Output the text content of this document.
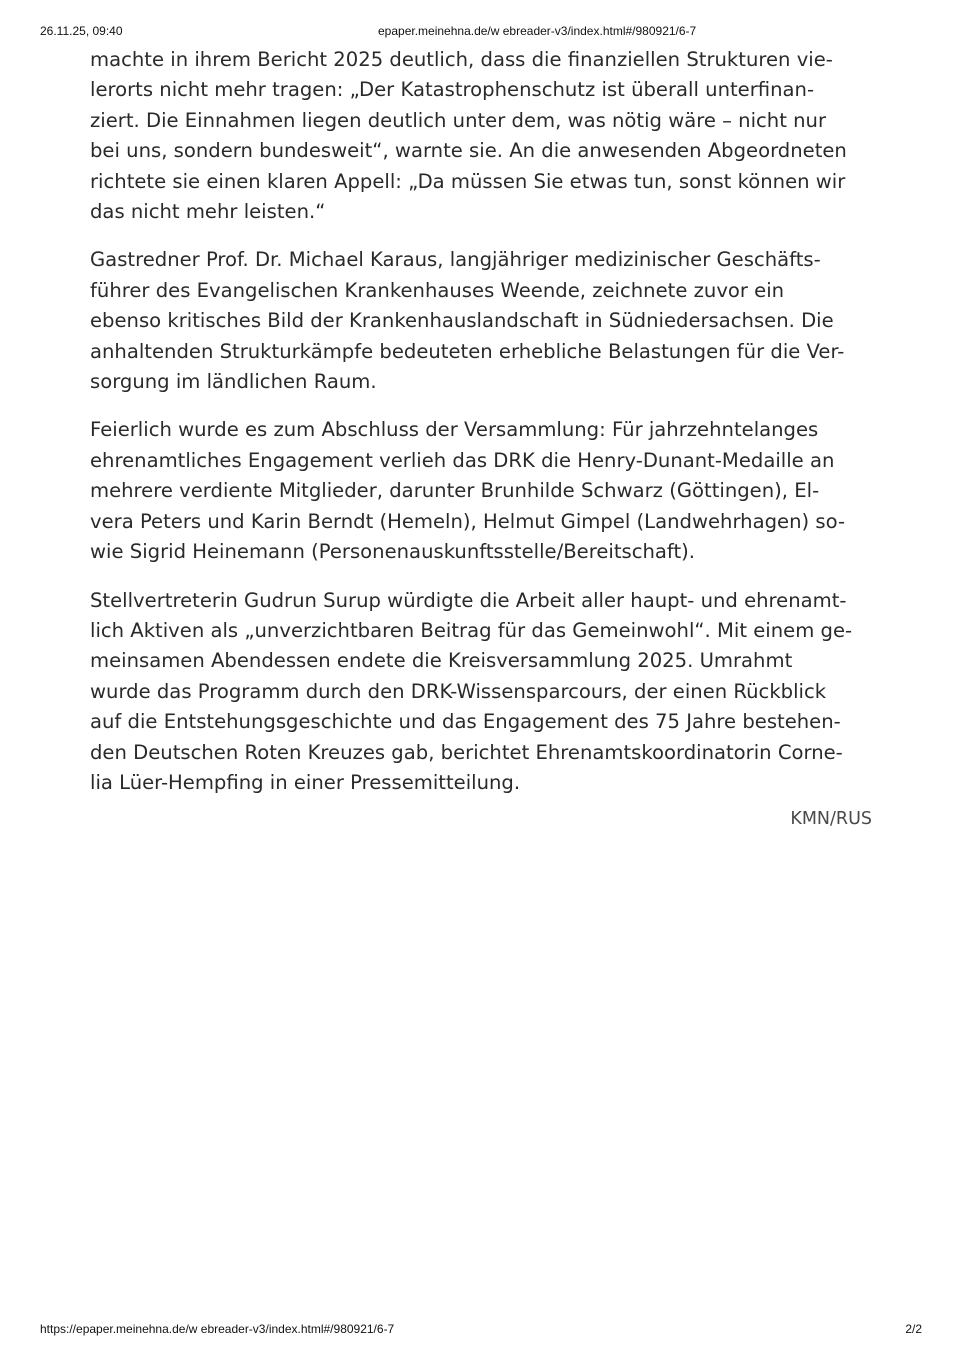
26.11.25, 09:40	epaper.meinehna.de/w ebreader-v3/index.html#/980921/6-7

machte in ihrem Bericht 2025 deutlich, dass die finanziellen Strukturen vie-
lerorts nicht mehr tragen: „Der Katastrophenschutz ist überall unterfinan-
ziert. Die Einnahmen liegen deutlich unter dem, was nötig wäre – nicht nur
bei uns, sondern bundesweit“, warnte sie. An die anwesenden Abgeordneten
richtete sie einen klaren Appell: „Da müssen Sie etwas tun, sonst können wir
das nicht mehr leisten.“

Gastredner Prof. Dr. Michael Karaus, langjähriger medizinischer Geschäfts-
führer des Evangelischen Krankenhauses Weende, zeichnete zuvor ein
ebenso kritisches Bild der Krankenhauslandschaft in Südniedersachsen. Die
anhaltenden Strukturkämpfe bedeuteten erhebliche Belastungen für die Ver-
sorgung im ländlichen Raum.

Feierlich wurde es zum Abschluss der Versammlung: Für jahrzehntelanges
ehrenamtliches Engagement verlieh das DRK die Henry-Dunant-Medaille an
mehrere verdiente Mitglieder, darunter Brunhilde Schwarz (Göttingen), El-
vera Peters und Karin Berndt (Hemeln), Helmut Gimpel (Landwehrhagen) so-
wie Sigrid Heinemann (Personenauskunftsstelle/Bereitschaft).

Stellvertreterin Gudrun Surup würdigte die Arbeit aller haupt- und ehrenamt-
lich Aktiven als „unverzichtbaren Beitrag für das Gemeinwohl“. Mit einem ge-
meinsamen Abendessen endete die Kreisversammlung 2025. Umrahmt
wurde das Programm durch den DRK-Wissensparcours, der einen Rückblick
auf die Entstehungsgeschichte und das Engagement des 75 Jahre bestehen-
den Deutschen Roten Kreuzes gab, berichtet Ehrenamtskoordinatorin Corne-
lia Lüer-Hempfing in einer Pressemitteilung.

KMN/RUS
https://epaper.meinehna.de/w ebreader-v3/index.html#/980921/6-7	2/2
